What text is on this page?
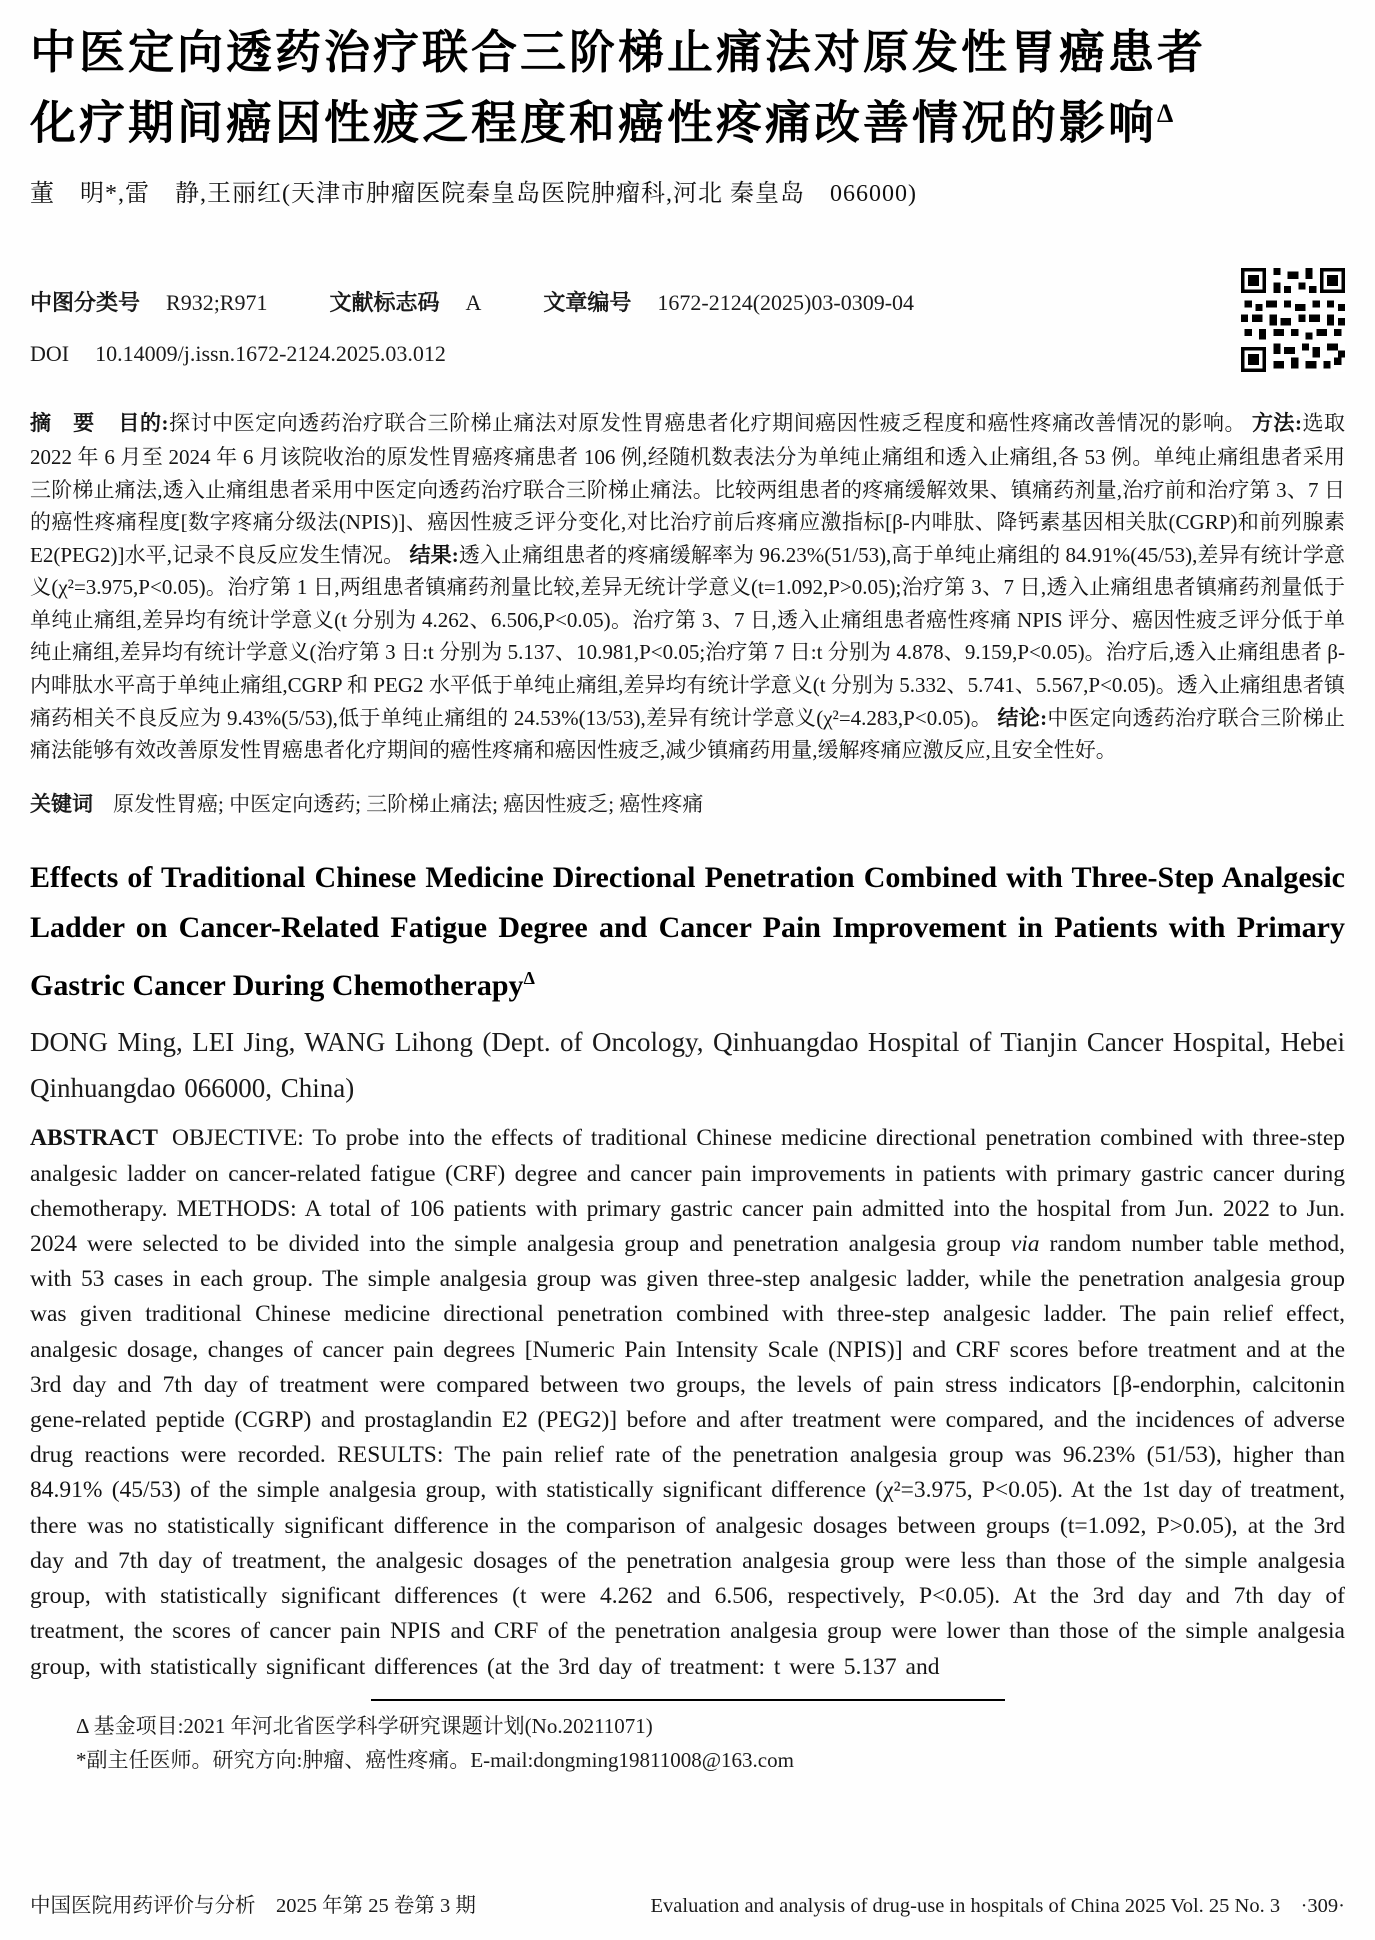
中医定向透药治疗联合三阶梯止痛法对原发性胃癌患者
化疗期间癌因性疲乏程度和癌性疼痛改善情况的影响$^\Delta$
董　明*,雷　静,王丽红(天津市肿瘤医院秦皇岛医院肿瘤科,河北 秦皇岛　066000)
中图分类号 R932;R971	文献标志码 A	文章编号 1672-2124(2025)03-0309-04
DOI 10.14009/j.issn.1672-2124.2025.03.012

摘　要 目的:探讨中医定向透药治疗联合三阶梯止痛法对原发性胃癌患者化疗期间癌因性疲乏程度和癌性疼痛改善情况的影响。 方法:选取 2022 年 6 月至 2024 年 6 月该院收治的原发性胃癌疼痛患者 106 例,经随机数表法分为单纯止痛组和透入止痛组,各 53 例。单纯止痛组患者采用三阶梯止痛法,透入止痛组患者采用中医定向透药治疗联合三阶梯止痛法。比较两组患者的疼痛缓解效果、镇痛药剂量,治疗前和治疗第 3、7 日的癌性疼痛程度[数字疼痛分级法(NPIS)]、癌因性疲乏评分变化,对比治疗前后疼痛应激指标[β-内啡肽、降钙素基因相关肽(CGRP)和前列腺素 E2(PEG2)]水平,记录不良反应发生情况。 结果:透入止痛组患者的疼痛缓解率为 96.23%(51/53),高于单纯止痛组的 84.91%(45/53),差异有统计学意义(χ²=3.975,P<0.05)。治疗第 1 日,两组患者镇痛药剂量比较,差异无统计学意义(t=1.092,P>0.05);治疗第 3、7 日,透入止痛组患者镇痛药剂量低于单纯止痛组,差异均有统计学意义(t 分别为 4.262、6.506,P<0.05)。治疗第 3、7 日,透入止痛组患者癌性疼痛 NPIS 评分、癌因性疲乏评分低于单纯止痛组,差异均有统计学意义(治疗第 3 日:t 分别为 5.137、10.981,P<0.05;治疗第 7 日:t 分别为 4.878、9.159,P<0.05)。治疗后,透入止痛组患者 β-内啡肽水平高于单纯止痛组,CGRP 和 PEG2 水平低于单纯止痛组,差异均有统计学意义(t 分别为 5.332、5.741、5.567,P<0.05)。透入止痛组患者镇痛药相关不良反应为 9.43%(5/53),低于单纯止痛组的 24.53%(13/53),差异有统计学意义(χ²=4.283,P<0.05)。 结论:中医定向透药治疗联合三阶梯止痛法能够有效改善原发性胃癌患者化疗期间的癌性疼痛和癌因性疲乏,减少镇痛药用量,缓解疼痛应激反应,且安全性好。

关键词 原发性胃癌; 中医定向透药; 三阶梯止痛法; 癌因性疲乏; 癌性疼痛
Effects of Traditional Chinese Medicine Directional Penetration Combined with Three-Step Analgesic Ladder on Cancer-Related Fatigue Degree and Cancer Pain Improvement in Patients with Primary Gastric Cancer During Chemotherapy$^\Delta$
DONG Ming, LEI Jing, WANG Lihong (Dept. of Oncology, Qinhuangdao Hospital of Tianjin Cancer Hospital, Hebei Qinhuangdao 066000, China)

ABSTRACT OBJECTIVE: To probe into the effects of traditional Chinese medicine directional penetration combined with three-step analgesic ladder on cancer-related fatigue (CRF) degree and cancer pain improvements in patients with primary gastric cancer during chemotherapy. METHODS: A total of 106 patients with primary gastric cancer pain admitted into the hospital from Jun. 2022 to Jun. 2024 were selected to be divided into the simple analgesia group and penetration analgesia group via random number table method, with 53 cases in each group. The simple analgesia group was given three-step analgesic ladder, while the penetration analgesia group was given traditional Chinese medicine directional penetration combined with three-step analgesic ladder. The pain relief effect, analgesic dosage, changes of cancer pain degrees [Numeric Pain Intensity Scale (NPIS)] and CRF scores before treatment and at the 3rd day and 7th day of treatment were compared between two groups, the levels of pain stress indicators [β-endorphin, calcitonin gene-related peptide (CGRP) and prostaglandin E2 (PEG2)] before and after treatment were compared, and the incidences of adverse drug reactions were recorded. RESULTS: The pain relief rate of the penetration analgesia group was 96.23% (51/53), higher than 84.91% (45/53) of the simple analgesia group, with statistically significant difference (χ²=3.975, P<0.05). At the 1st day of treatment, there was no statistically significant difference in the comparison of analgesic dosages between groups (t=1.092, P>0.05), at the 3rd day and 7th day of treatment, the analgesic dosages of the penetration analgesia group were less than those of the simple analgesia group, with statistically significant differences (t were 4.262 and 6.506, respectively, P<0.05). At the 3rd day and 7th day of treatment, the scores of cancer pain NPIS and CRF of the penetration analgesia group were lower than those of the simple analgesia group, with statistically significant differences (at the 3rd day of treatment: t were 5.137 and

Δ 基金项目:2021 年河北省医学科学研究课题计划(No.20211071)
*副主任医师。研究方向:肿瘤、癌性疼痛。E-mail:dongming19811008@163.com
中国医院用药评价与分析　2025 年第 25 卷第 3 期	Evaluation and analysis of drug-use in hospitals of China 2025 Vol. 25 No. 3　·309·
